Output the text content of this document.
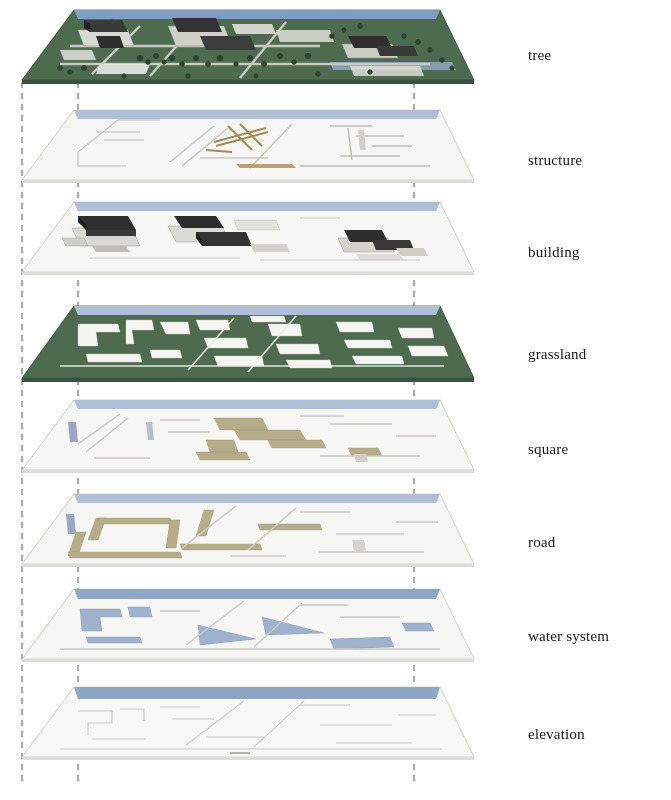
tree
structure
building
grassland
square
road
water system
elevation
